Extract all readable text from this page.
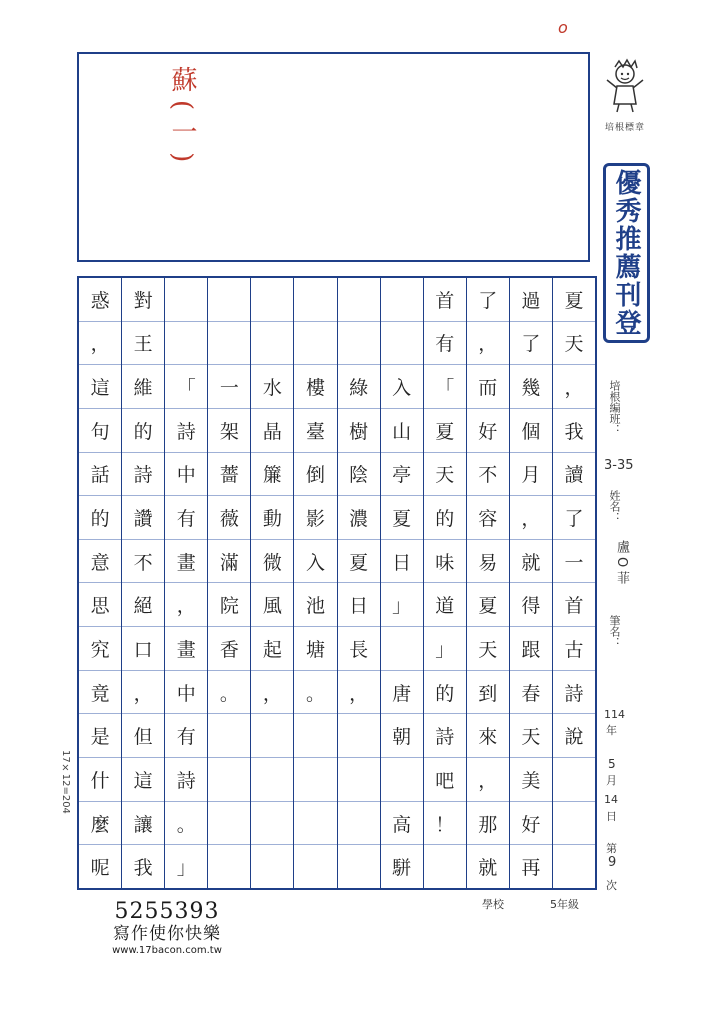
o
蘇(一)	培根標章
優秀推薦刊登
培根編班：
3-35
姓名：
盧O菲
筆名：
114
年
5
月
14
日
第
9
次
17×12=204
夏
天
，
我
讀
了
一
首
古
詩
說
過
了
幾
個
月
，
就
得
跟
春
天
美
好
再
了
，
而
好
不
容
易
夏
天
到
來
，
那
就
首
有
「
夏
天
的
味
道
」
的
詩
吧
！
入
山
亭
夏
日
」
唐
朝
高
駢
綠
樹
陰
濃
夏
日
長
，
樓
臺
倒
影
入
池
塘
。
水
晶
簾
動
微
風
起
，
一
架
薔
薇
滿
院
香
。
「
詩
中
有
畫
，
畫
中
有
詩
。
」
對
王
維
的
詩
讚
不
絕
口
，
但
這
讓
我
惑
，
這
句
話
的
意
思
究
竟
是
什
麼
呢
學校	5年級
5255393
寫作使你快樂
www.17bacon.com.tw
